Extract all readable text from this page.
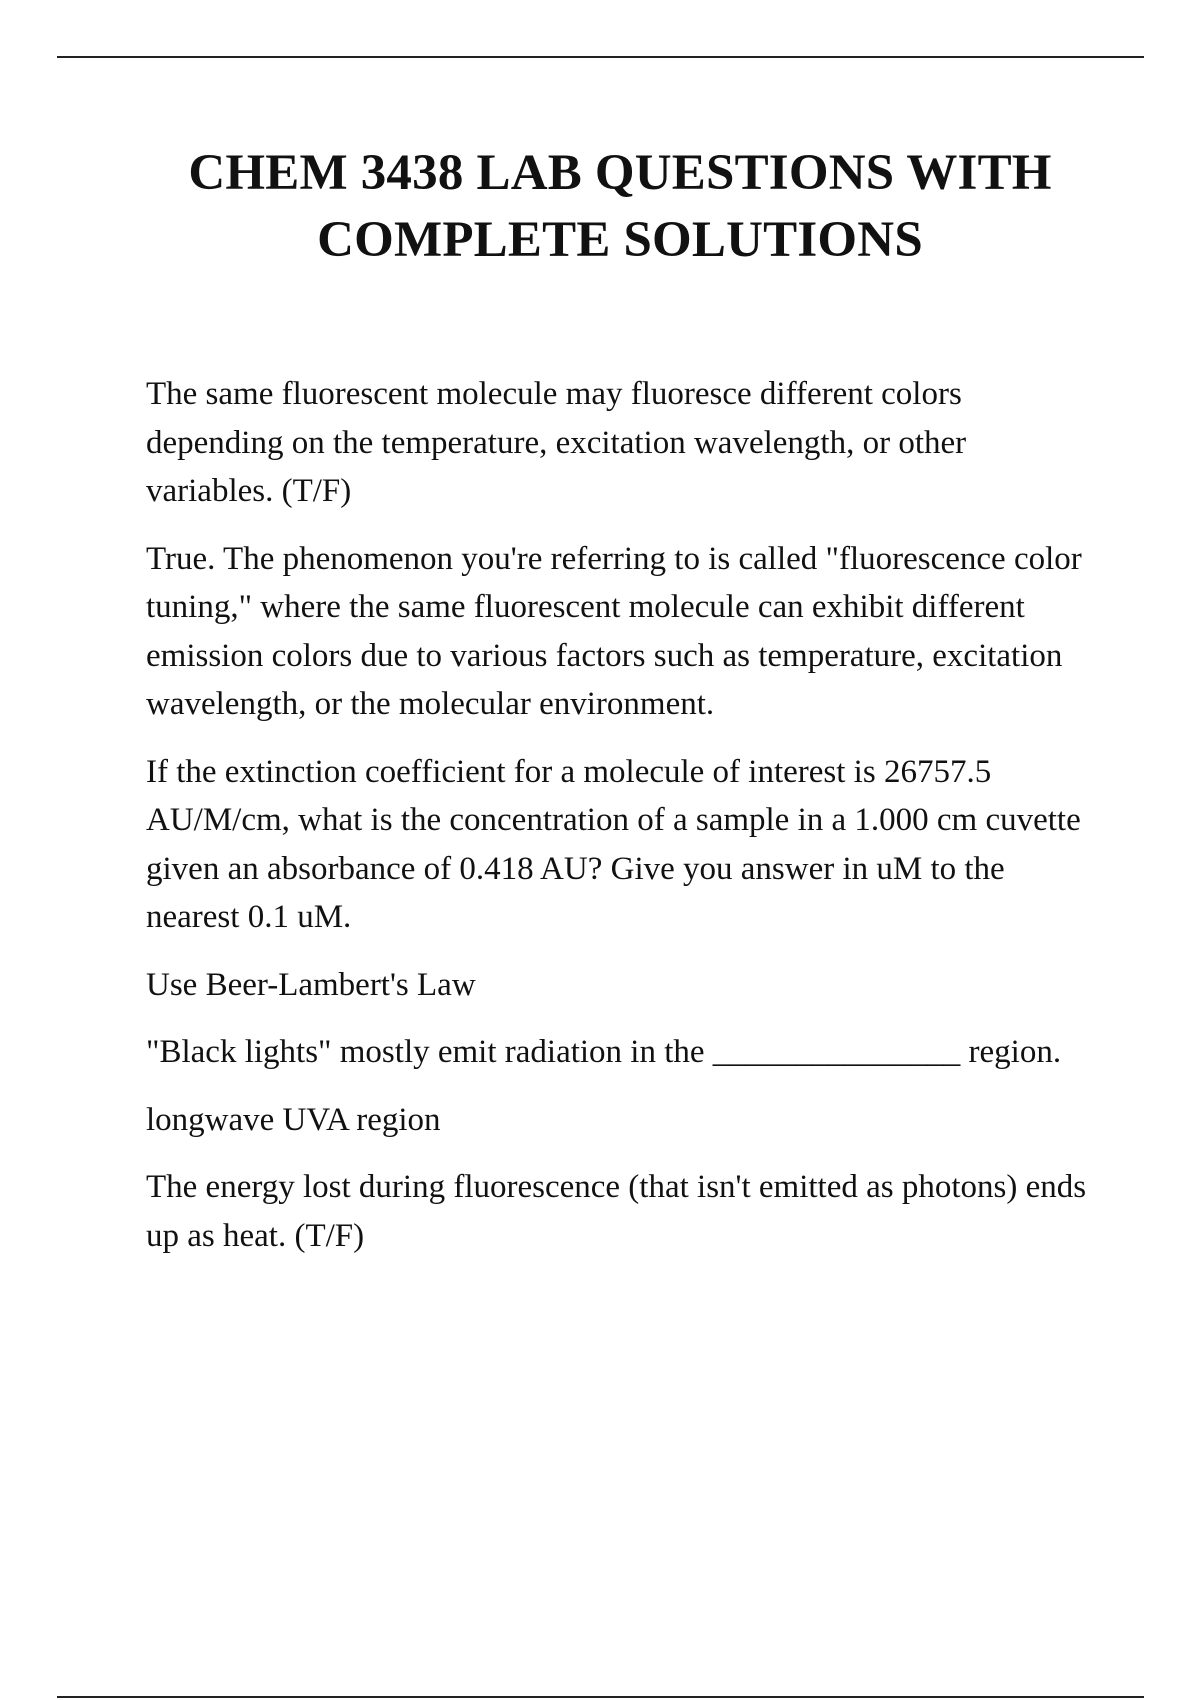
CHEM 3438 LAB QUESTIONS WITH COMPLETE SOLUTIONS

The same fluorescent molecule may fluoresce different colors depending on the temperature, excitation wavelength, or other variables. (T/F)

True. The phenomenon you're referring to is called "fluorescence color tuning," where the same fluorescent molecule can exhibit different emission colors due to various factors such as temperature, excitation wavelength, or the molecular environment.

If the extinction coefficient for a molecule of interest is 26757.5 AU/M/cm, what is the concentration of a sample in a 1.000 cm cuvette given an absorbance of 0.418 AU? Give you answer in uM to the nearest 0.1 uM.

Use Beer-Lambert's Law

"Black lights" mostly emit radiation in the _______________ region.

longwave UVA region

The energy lost during fluorescence (that isn't emitted as photons) ends up as heat. (T/F)
